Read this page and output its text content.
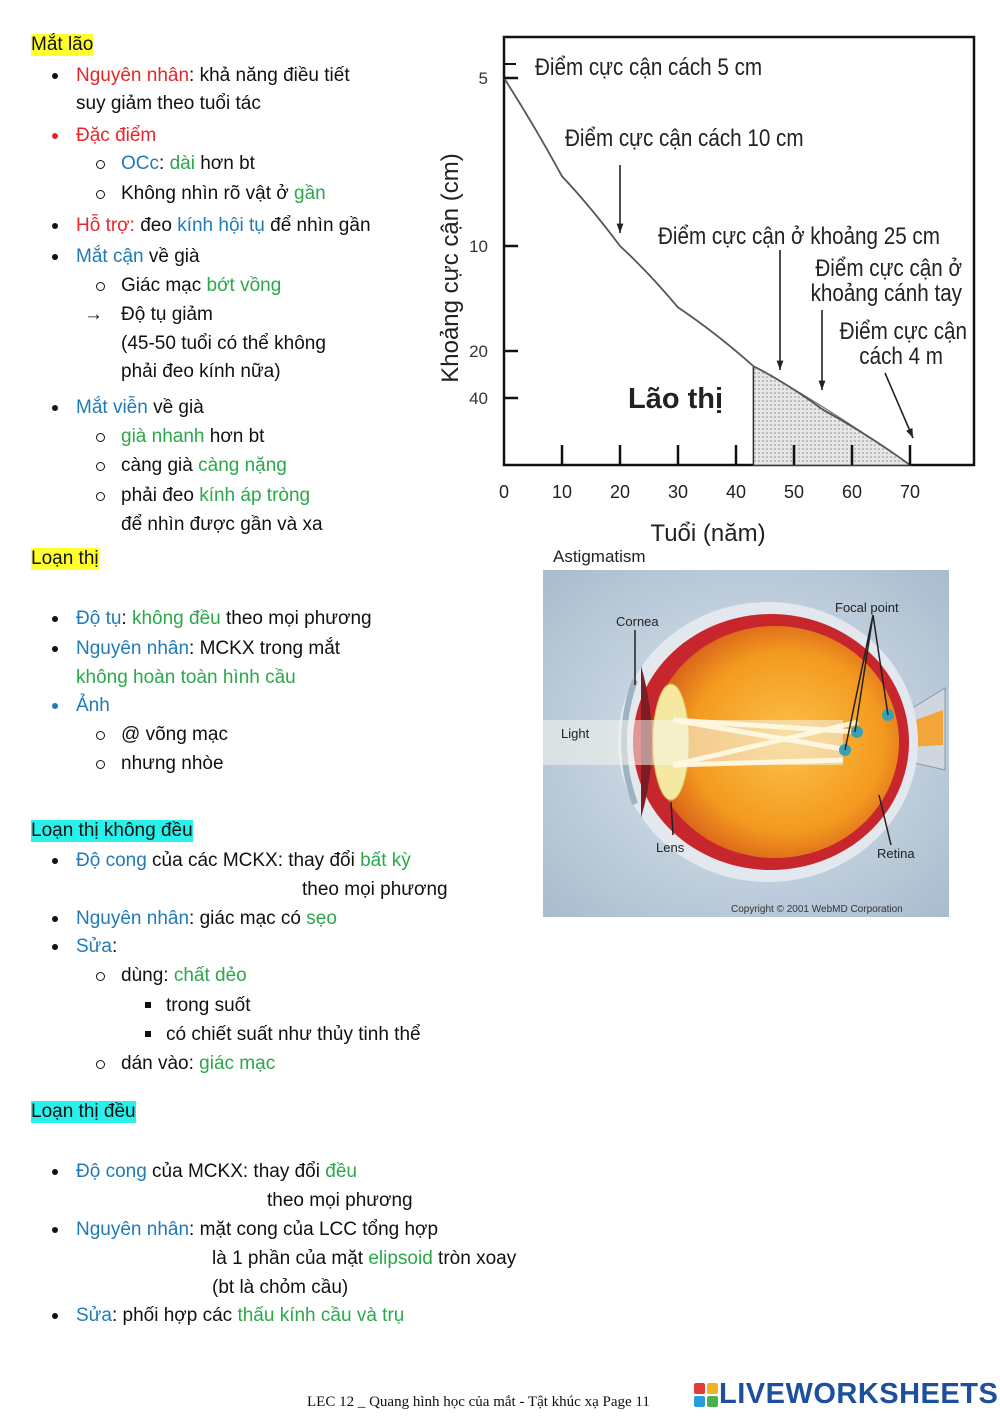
Mắt lão
Nguyên nhân: khả năng điều tiết
suy giảm theo tuổi tác
Đặc điểm
OCc: dài hơn bt
Không nhìn rõ vật ở gần
Hỗ trợ: đeo kính hội tụ để nhìn gần
Mắt cận về già
Giác mạc bớt vồng
→ Độ tụ giảm
(45-50 tuổi có thể không
phải đeo kính nữa)
Mắt viễn về già
già nhanh hơn bt
càng già càng nặng
phải đeo kính áp tròng
để nhìn được gần và xa
Loạn thị
Độ tụ: không đều theo mọi phương
Nguyên nhân: MCKX trong mắt
không hoàn toàn hình cầu
Ảnh
@ võng mạc
nhưng nhòe
Loạn thị không đều
Độ cong của các MCKX: thay đổi bất kỳ
theo mọi phương
Nguyên nhân: giác mạc có sẹo
Sửa:
dùng: chất dẻo
trong suốt
có chiết suất như thủy tinh thể
dán vào: giác mạc
Loạn thị đều
Độ cong của MCKX: thay đổi đều
theo mọi phương
Nguyên nhân: mặt cong của LCC tổng hợp
là 1 phần của mặt elipsoid tròn xoay
(bt là chỏm cầu)
Sửa: phối hợp các thấu kính cầu và trụ
0 10 20 30 40 50 60 70
5
10
20
40
Điểm cực cận cách 5 cm
Điểm cực cận cách 10 cm
Điểm cực cận ở khoảng 25 cm
Điểm cực cận ở
khoảng cánh tay
Điểm cực cận
cách 4 m
Lão thị
Khoảng cực cận (cm)
Tuổi (năm)
Astigmatism
Cornea
Focal point
Light
Lens	Retina
Copyright © 2001 WebMD Corporation
LEC 12 _ Quang hình học của mắt - Tật khúc xạ Page 11 LIVEWORKSHEETS
